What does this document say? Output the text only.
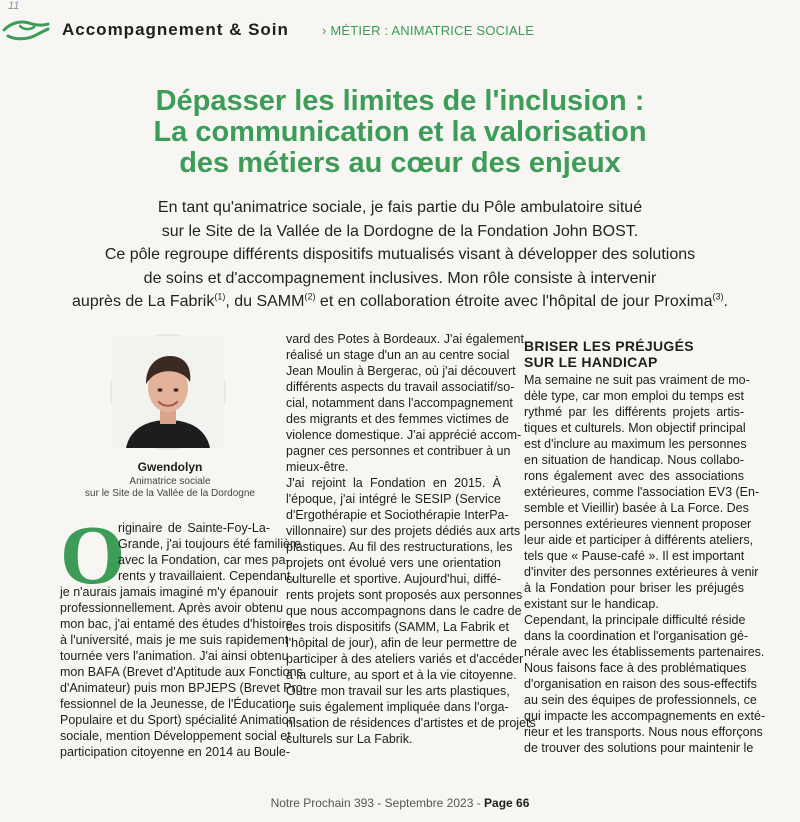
11
Accompagnement & Soin	› MÉTIER : ANIMATRICE SOCIALE
Dépasser les limites de l'inclusion :
La communication et la valorisation
des métiers au cœur des enjeux
En tant qu'animatrice sociale, je fais partie du Pôle ambulatoire situé
sur le Site de la Vallée de la Dordogne de la Fondation John BOST.
Ce pôle regroupe différents dispositifs mutualisés visant à développer des solutions
de soins et d'accompagnement inclusives. Mon rôle consiste à intervenir
auprès de La Fabrik$^{(1)}$, du SAMM$^{(2)}$ et en collaboration étroite avec l'hôpital de jour Proxima$^{(3)}$.
Gwendolyn
Animatrice sociale
sur le Site de la Vallée de la Dordogne
O
riginaire de Sainte-Foy-La-
Grande, j'ai toujours été familière
avec la Fondation, car mes pa-
rents y travaillaient. Cependant,
je n'aurais jamais imaginé m'y épanouir
professionnellement. Après avoir obtenu
mon bac, j'ai entamé des études d'histoire
à l'université, mais je me suis rapidement
tournée vers l'animation. J'ai ainsi obtenu
mon BAFA (Brevet d'Aptitude aux Fonctions
d'Animateur) puis mon BPJEPS (Brevet Pro-
fessionnel de la Jeunesse, de l'Éducation
Populaire et du Sport) spécialité Animation
sociale, mention Développement social et
participation citoyenne en 2014 au Boule-
vard des Potes à Bordeaux. J'ai également
réalisé un stage d'un an au centre social
Jean Moulin à Bergerac, où j'ai découvert
différents aspects du travail associatif/so-
cial, notamment dans l'accompagnement
des migrants et des femmes victimes de
violence domestique. J'ai apprécié accom-
pagner ces personnes et contribuer à un
mieux-être.
J'ai rejoint la Fondation en 2015. À
l'époque, j'ai intégré le SESIP (Service
d'Ergothérapie et Sociothérapie InterPa-
villonnaire) sur des projets dédiés aux arts
plastiques. Au fil des restructurations, les
projets ont évolué vers une orientation
culturelle et sportive. Aujourd'hui, diffé-
rents projets sont proposés aux personnes
que nous accompagnons dans le cadre de
ces trois dispositifs (SAMM, La Fabrik et
l'hôpital de jour), afin de leur permettre de
participer à des ateliers variés et d'accéder
à la culture, au sport et à la vie citoyenne.
Outre mon travail sur les arts plastiques,
je suis également impliquée dans l'orga-
nisation de résidences d'artistes et de projets
culturels sur La Fabrik.
BRISER LES PRÉJUGÉS
SUR LE HANDICAP
Ma semaine ne suit pas vraiment de mo-
dèle type, car mon emploi du temps est
rythmé par les différents projets artis-
tiques et culturels. Mon objectif principal
est d'inclure au maximum les personnes
en situation de handicap. Nous collabo-
rons également avec des associations
extérieures, comme l'association EV3 (En-
semble et Vieillir) basée à La Force. Des
personnes extérieures viennent proposer
leur aide et participer à différents ateliers,
tels que « Pause-café ». Il est important
d'inviter des personnes extérieures à venir
à la Fondation pour briser les préjugés
existant sur le handicap.
Cependant, la principale difficulté réside
dans la coordination et l'organisation gé-
nérale avec les établissements partenaires.
Nous faisons face à des problématiques
d'organisation en raison des sous-effectifs
au sein des équipes de professionnels, ce
qui impacte les accompagnements en exté-
rieur et les transports. Nous nous efforçons
de trouver des solutions pour maintenir le
Notre Prochain 393 - Septembre 2023 - Page 66
